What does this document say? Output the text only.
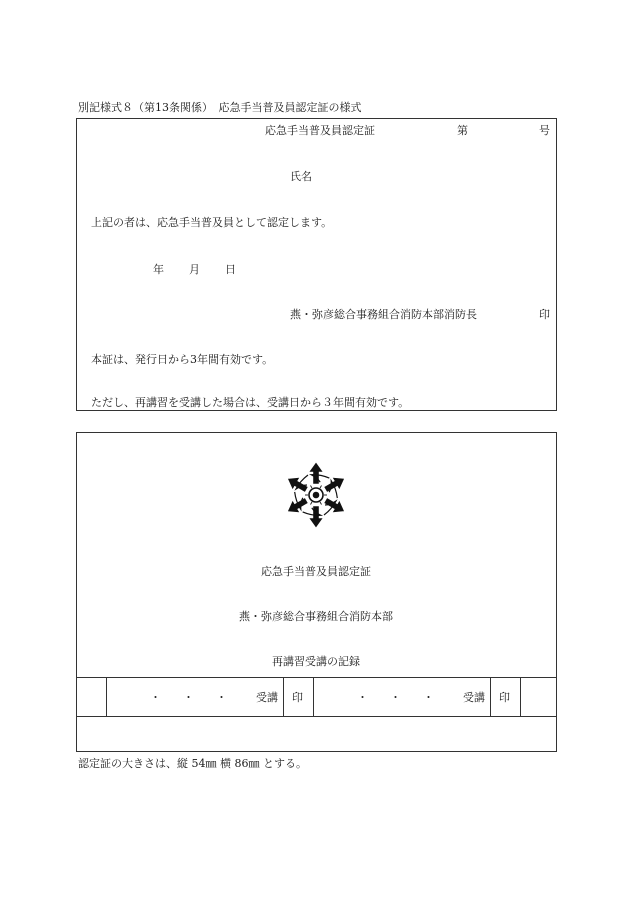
別記様式８（第13条関係）　応急手当普及員認定証の様式
応急手当普及員認定証	第	号
氏名
上記の者は、応急手当普及員として認定します。
年 月 日
燕・弥彦総合事務組合消防本部消防長	印
本証は、発行日から3年間有効です。
ただし、再講習を受講した場合は、受講日から３年間有効です。
応急手当普及員認定証
燕・弥彦総合事務組合消防本部
再講習受講の記録
・　　・　　・	受講 印	・　　・　　・	受講 印
認定証の大きさは、縦 54㎜ 横 86㎜ とする。
